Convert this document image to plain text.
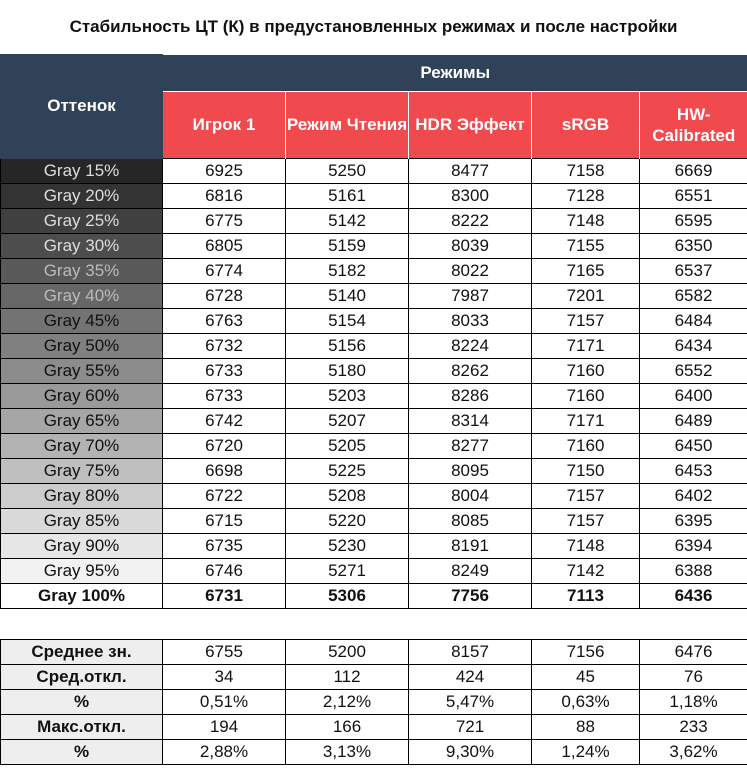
Стабильность ЦТ (К) в предустановленных режимах и после настройки
Оттенок	Режимы				
	Игрок 1	Режим Чтения	HDR Эффект	sRGB	HW-Calibrated
Gray 15%	6925	5250	8477	7158	6669
Gray 20%	6816	5161	8300	7128	6551
Gray 25%	6775	5142	8222	7148	6595
Gray 30%	6805	5159	8039	7155	6350
Gray 35%	6774	5182	8022	7165	6537
Gray 40%	6728	5140	7987	7201	6582
Gray 45%	6763	5154	8033	7157	6484
Gray 50%	6732	5156	8224	7171	6434
Gray 55%	6733	5180	8262	7160	6552
Gray 60%	6733	5203	8286	7160	6400
Gray 65%	6742	5207	8314	7171	6489
Gray 70%	6720	5205	8277	7160	6450
Gray 75%	6698	5225	8095	7150	6453
Gray 80%	6722	5208	8004	7157	6402
Gray 85%	6715	5220	8085	7157	6395
Gray 90%	6735	5230	8191	7148	6394
Gray 95%	6746	5271	8249	7142	6388
Gray 100%	6731	5306	7756	7113	6436

Среднее зн.	6755	5200	8157	7156	6476
Сред.откл.	34	112	424	45	76
%	0,51%	2,12%	5,47%	0,63%	1,18%
Макс.откл.	194	166	721	88	233
%	2,88%	3,13%	9,30%	1,24%	3,62%
